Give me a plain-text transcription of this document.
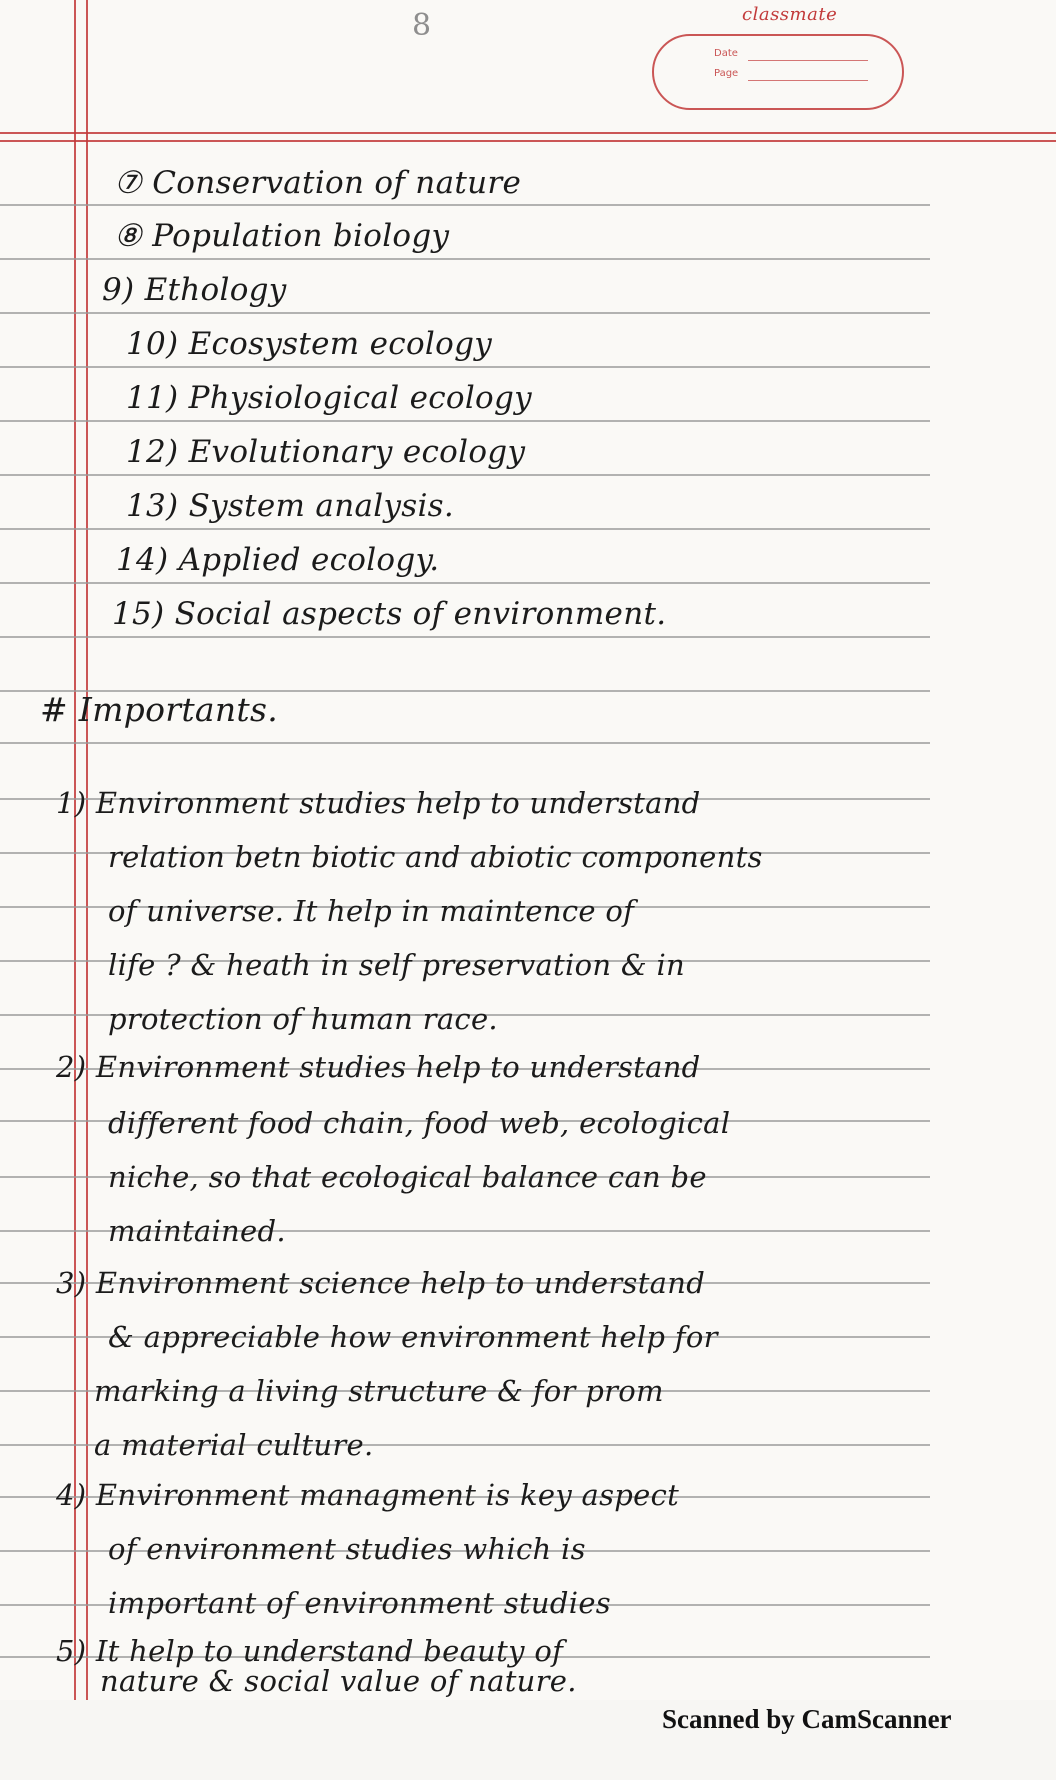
classmate
8
Date
Page
⑦ Conservation of nature
⑧ Population biology
9) Ethology
10) Ecosystem ecology
11) Physiological ecology
12) Evolutionary ecology
13) System analysis.
14) Applied ecology.
15) Social aspects of environment.
# Importants.
1) Environment studies help to understand
relation betn biotic and abiotic components
of universe. It help in maintence of
life ? & heath in self preservation & in
protection of human race.
2) Environment studies help to understand
different food chain, food web, ecological
niche, so that ecological balance can be
maintained.
3) Environment science help to understand
& appreciable how environment help for
marking a living structure & for prom
a material culture.
4) Environment managment is key aspect
of environment studies which is
important of environment studies
5) It help to understand beauty of
nature & social value of nature.
Scanned by CamScanner
